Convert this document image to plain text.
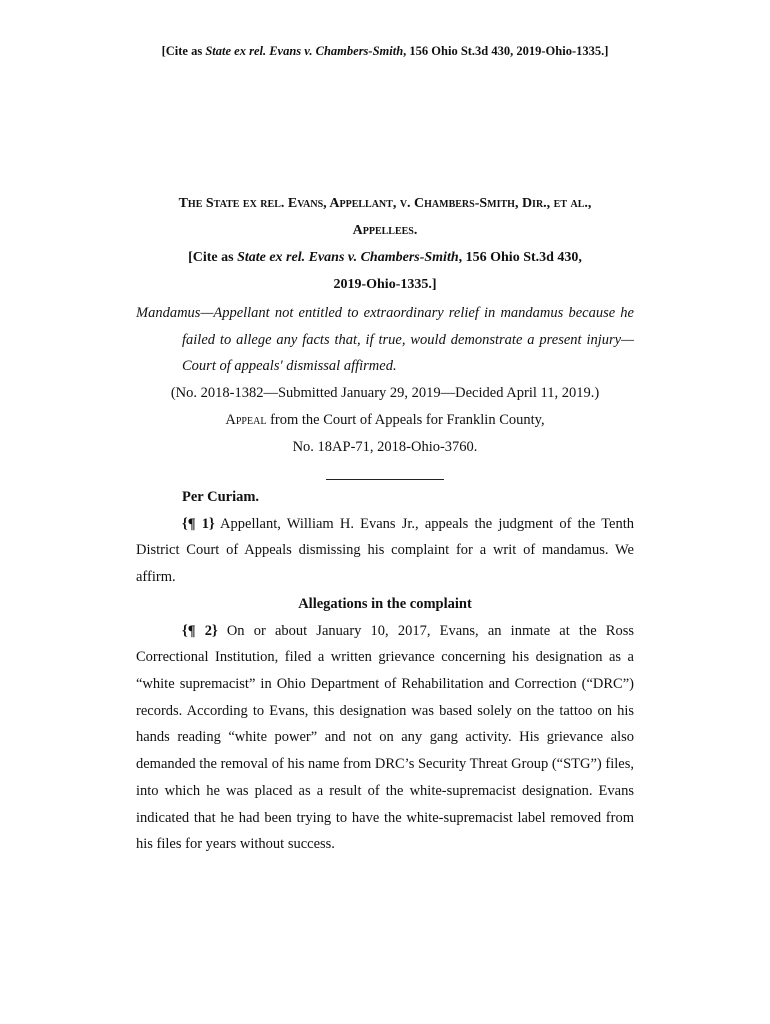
[Cite as State ex rel. Evans v. Chambers-Smith, 156 Ohio St.3d 430, 2019-Ohio-1335.]

The State ex rel. Evans, Appellant, v. Chambers-Smith, Dir., et al.,

Appellees.

[Cite as State ex rel. Evans v. Chambers-Smith, 156 Ohio St.3d 430,

2019-Ohio-1335.]

Mandamus—Appellant not entitled to extraordinary relief in mandamus because he failed to allege any facts that, if true, would demonstrate a present injury—Court of appeals' dismissal affirmed.

(No. 2018-1382—Submitted January 29, 2019—Decided April 11, 2019.)

Appeal from the Court of Appeals for Franklin County,

No. 18AP-71, 2018-Ohio-3760.

Per Curiam.

{¶ 1} Appellant, William H. Evans Jr., appeals the judgment of the Tenth District Court of Appeals dismissing his complaint for a writ of mandamus. We affirm.

Allegations in the complaint

{¶ 2} On or about January 10, 2017, Evans, an inmate at the Ross Correctional Institution, filed a written grievance concerning his designation as a “white supremacist” in Ohio Department of Rehabilitation and Correction (“DRC”) records. According to Evans, this designation was based solely on the tattoo on his hands reading “white power” and not on any gang activity. His grievance also demanded the removal of his name from DRC’s Security Threat Group (“STG”) files, into which he was placed as a result of the white-supremacist designation. Evans indicated that he had been trying to have the white-supremacist label removed from his files for years without success.
